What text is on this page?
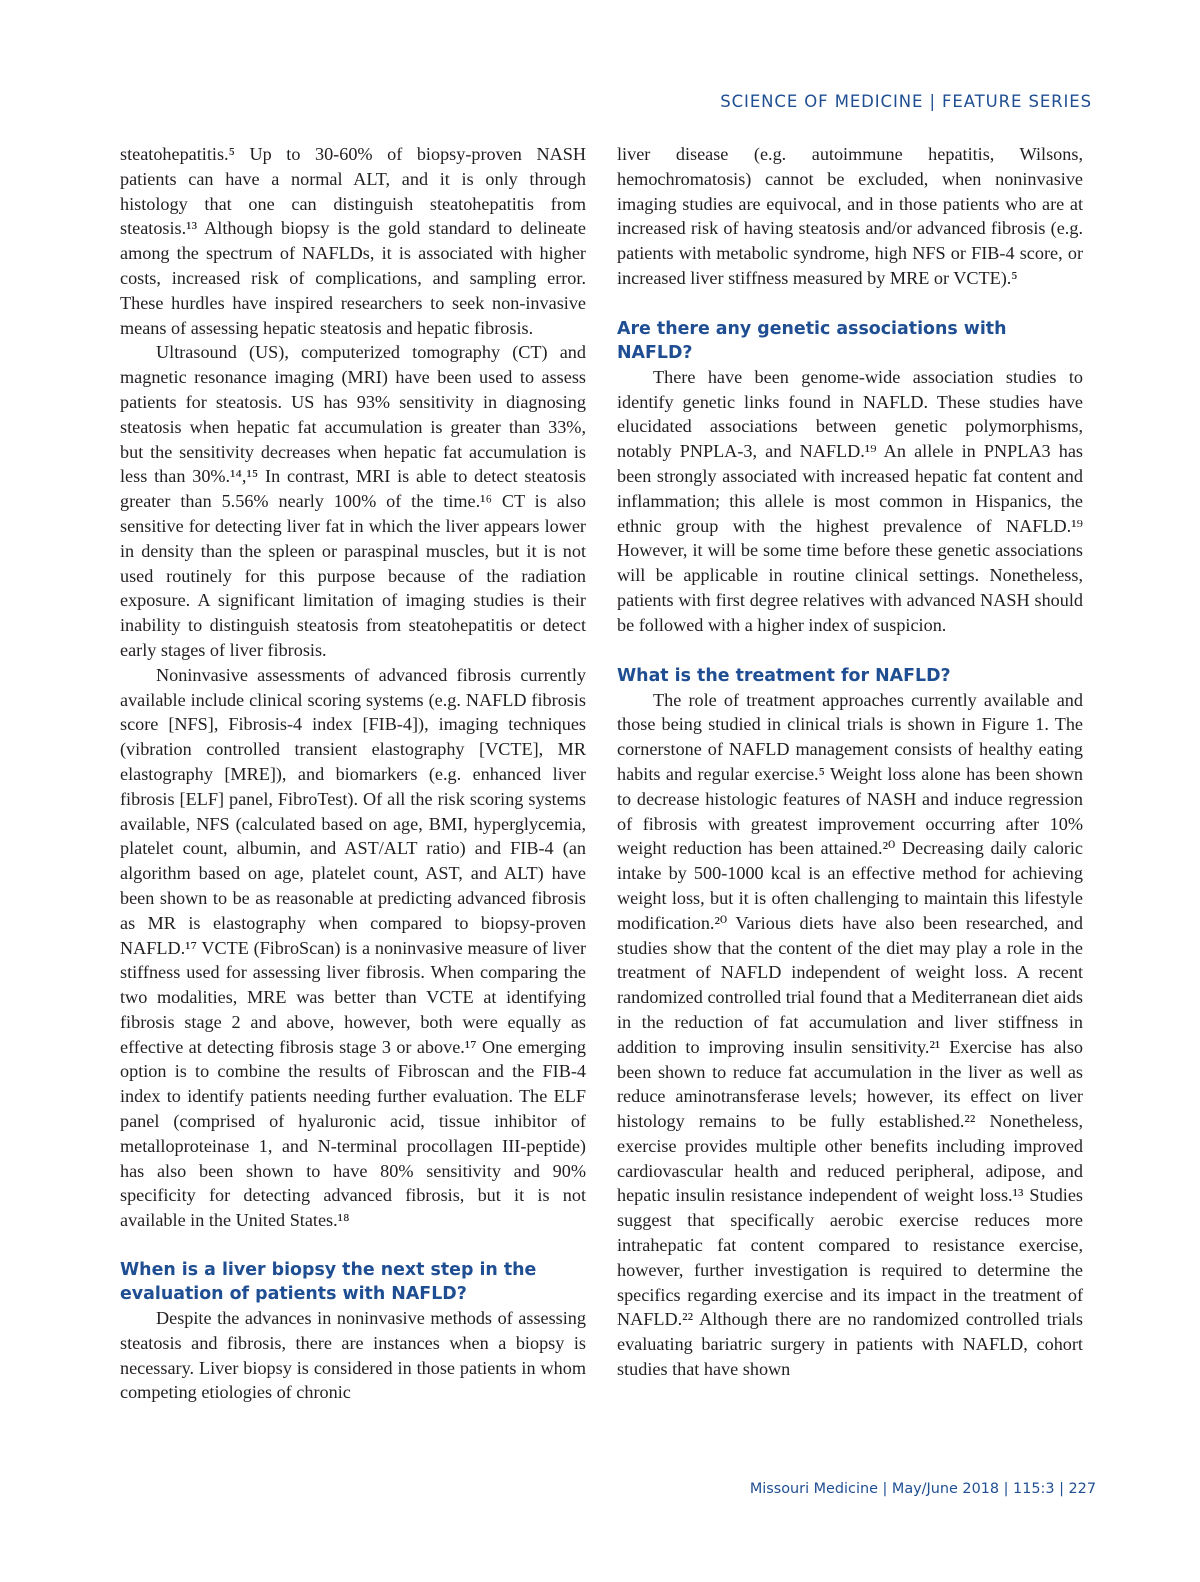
SCIENCE OF MEDICINE | FEATURE SERIES

steatohepatitis.⁵ Up to 30-60% of biopsy-proven NASH patients can have a normal ALT, and it is only through histology that one can distinguish steatohepatitis from steatosis.¹³ Although biopsy is the gold standard to delineate among the spectrum of NAFLDs, it is associated with higher costs, increased risk of complications, and sampling error. These hurdles have inspired researchers to seek non-invasive means of assessing hepatic steatosis and hepatic fibrosis.

Ultrasound (US), computerized tomography (CT) and magnetic resonance imaging (MRI) have been used to assess patients for steatosis. US has 93% sensitivity in diagnosing steatosis when hepatic fat accumulation is greater than 33%, but the sensitivity decreases when hepatic fat accumulation is less than 30%.¹⁴,¹⁵ In contrast, MRI is able to detect steatosis greater than 5.56% nearly 100% of the time.¹⁶ CT is also sensitive for detecting liver fat in which the liver appears lower in density than the spleen or paraspinal muscles, but it is not used routinely for this purpose because of the radiation exposure. A significant limitation of imaging studies is their inability to distinguish steatosis from steatohepatitis or detect early stages of liver fibrosis.

Noninvasive assessments of advanced fibrosis currently available include clinical scoring systems (e.g. NAFLD fibrosis score [NFS], Fibrosis-4 index [FIB-4]), imaging techniques (vibration controlled transient elastography [VCTE], MR elastography [MRE]), and biomarkers (e.g. enhanced liver fibrosis [ELF] panel, FibroTest). Of all the risk scoring systems available, NFS (calculated based on age, BMI, hyperglycemia, platelet count, albumin, and AST/ALT ratio) and FIB-4 (an algorithm based on age, platelet count, AST, and ALT) have been shown to be as reasonable at predicting advanced fibrosis as MR is elastography when compared to biopsy-proven NAFLD.¹⁷ VCTE (FibroScan) is a noninvasive measure of liver stiffness used for assessing liver fibrosis. When comparing the two modalities, MRE was better than VCTE at identifying fibrosis stage 2 and above, however, both were equally as effective at detecting fibrosis stage 3 or above.¹⁷ One emerging option is to combine the results of Fibroscan and the FIB-4 index to identify patients needing further evaluation. The ELF panel (comprised of hyaluronic acid, tissue inhibitor of metalloproteinase 1, and N-terminal procollagen III-peptide) has also been shown to have 80% sensitivity and 90% specificity for detecting advanced fibrosis, but it is not available in the United States.¹⁸

When is a liver biopsy the next step in the evaluation of patients with NAFLD?

Despite the advances in noninvasive methods of assessing steatosis and fibrosis, there are instances when a biopsy is necessary. Liver biopsy is considered in those patients in whom competing etiologies of chronic

liver disease (e.g. autoimmune hepatitis, Wilsons, hemochromatosis) cannot be excluded, when noninvasive imaging studies are equivocal, and in those patients who are at increased risk of having steatosis and/or advanced fibrosis (e.g. patients with metabolic syndrome, high NFS or FIB-4 score, or increased liver stiffness measured by MRE or VCTE).⁵

Are there any genetic associations with NAFLD?

There have been genome-wide association studies to identify genetic links found in NAFLD. These studies have elucidated associations between genetic polymorphisms, notably PNPLA-3, and NAFLD.¹⁹ An allele in PNPLA3 has been strongly associated with increased hepatic fat content and inflammation; this allele is most common in Hispanics, the ethnic group with the highest prevalence of NAFLD.¹⁹ However, it will be some time before these genetic associations will be applicable in routine clinical settings. Nonetheless, patients with first degree relatives with advanced NASH should be followed with a higher index of suspicion.

What is the treatment for NAFLD?

The role of treatment approaches currently available and those being studied in clinical trials is shown in Figure 1. The cornerstone of NAFLD management consists of healthy eating habits and regular exercise.⁵ Weight loss alone has been shown to decrease histologic features of NASH and induce regression of fibrosis with greatest improvement occurring after 10% weight reduction has been attained.²⁰ Decreasing daily caloric intake by 500-1000 kcal is an effective method for achieving weight loss, but it is often challenging to maintain this lifestyle modification.²⁰ Various diets have also been researched, and studies show that the content of the diet may play a role in the treatment of NAFLD independent of weight loss. A recent randomized controlled trial found that a Mediterranean diet aids in the reduction of fat accumulation and liver stiffness in addition to improving insulin sensitivity.²¹ Exercise has also been shown to reduce fat accumulation in the liver as well as reduce aminotransferase levels; however, its effect on liver histology remains to be fully established.²² Nonetheless, exercise provides multiple other benefits including improved cardiovascular health and reduced peripheral, adipose, and hepatic insulin resistance independent of weight loss.¹³ Studies suggest that specifically aerobic exercise reduces more intrahepatic fat content compared to resistance exercise, however, further investigation is required to determine the specifics regarding exercise and its impact in the treatment of NAFLD.²² Although there are no randomized controlled trials evaluating bariatric surgery in patients with NAFLD, cohort studies that have shown

Missouri Medicine | May/June 2018 | 115:3 | 227
